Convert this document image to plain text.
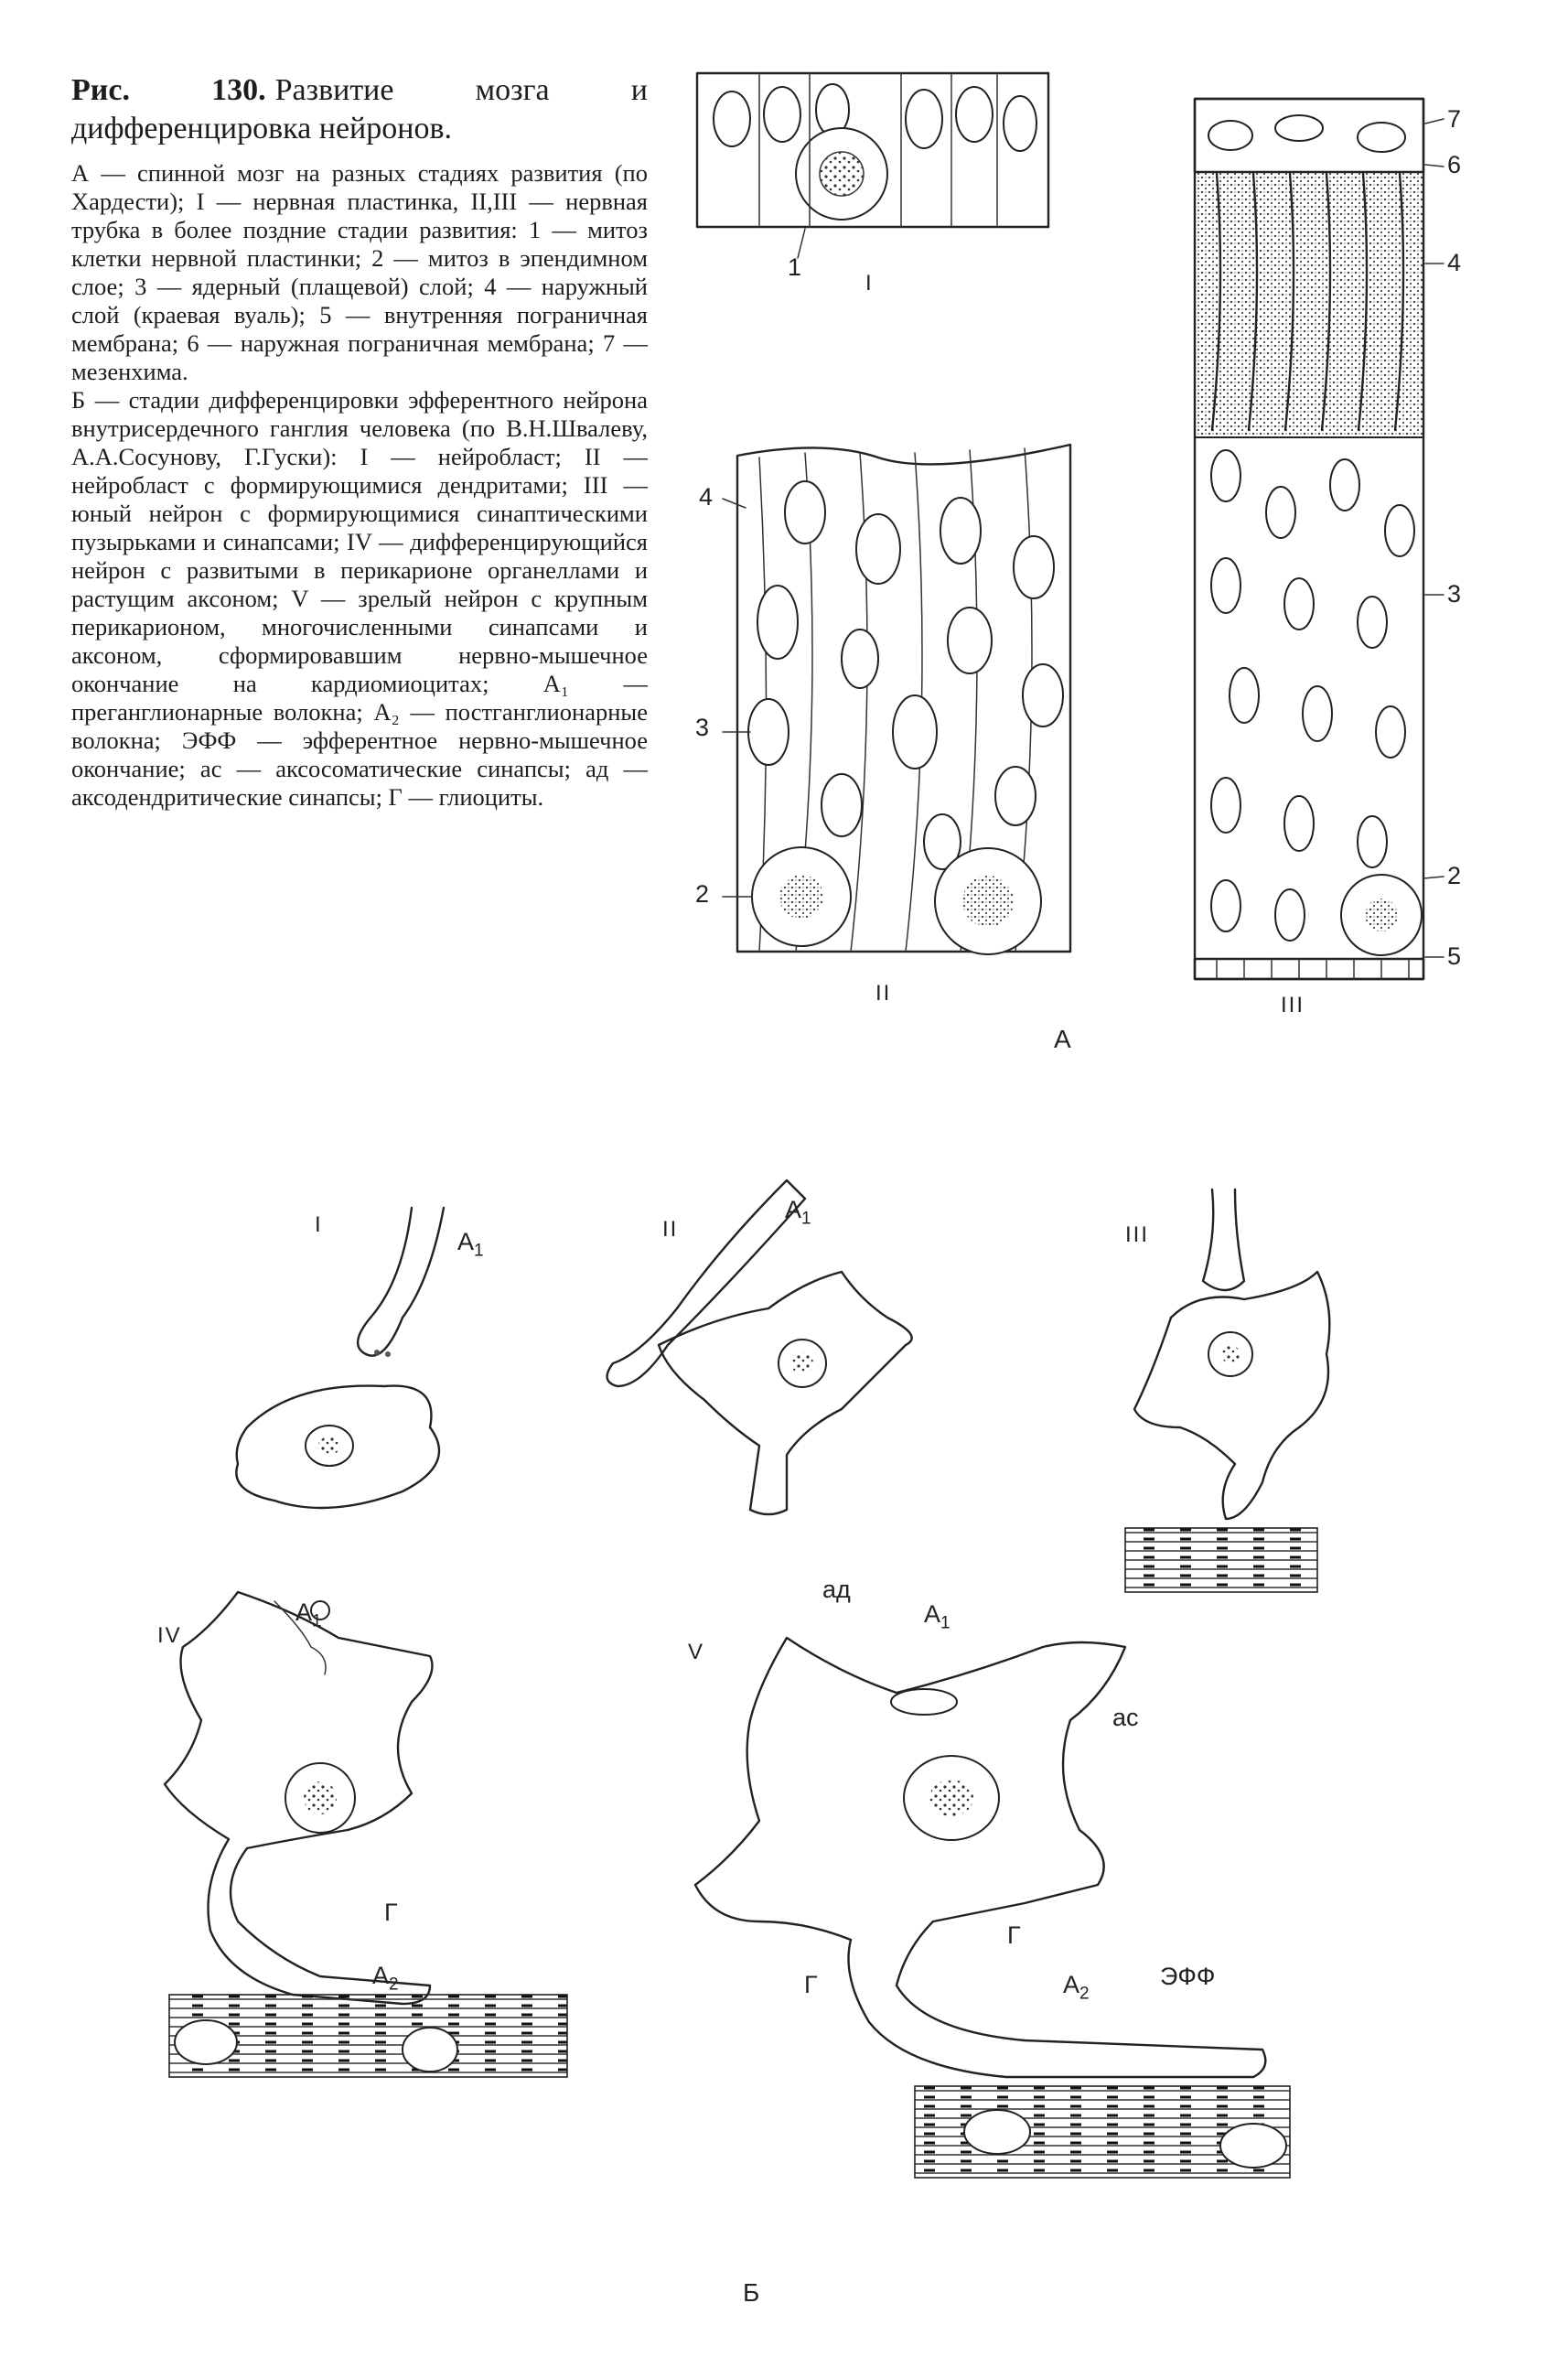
Рис. 130. Развитие мозга и дифференцировка нейронов.

А — спинной мозг на разных стадиях развития (по Хардести); I — нервная пластинка, II,III — нервная трубка в более поздние стадии развития: 1 — митоз клетки нервной пластинки; 2 — митоз в эпендимном слое; 3 — ядерный (плащевой) слой; 4 — наружный слой (краевая вуаль); 5 — внутренняя пограничная мембрана; 6 — наружная пограничная мембрана; 7 — мезенхима.

Б — стадии дифференцировки эфферентного нейрона внутрисердечного ганглия человека (по В.Н.Швалеву, А.А.Сосунову, Г.Гуски): I — нейробласт; II — нейробласт с формирующимися дендритами; III — юный нейрон с формирующимися синаптическими пузырьками и синапсами; IV — дифференцирующийся нейрон с развитыми в перикарионе органеллами и растущим аксоном; V — зрелый нейрон с крупным перикарионом, многочисленными синапсами и аксоном, сформировавшим нервно-мышечное окончание на кардиомиоцитах; А₁ — преганглионарные волокна; А₂ — постганглионарные волокна; ЭФФ — эфферентное нервно-мышечное окончание; ас — аксосоматические синапсы; ад — аксодендритические синапсы; Г — глиоциты.

1
I
4
3
2
II
7
6
4
3
2
5
III
А
I
$A_1$
II
$A_1$
III
IV
$A_1$
Г
$A_2$
V
ад
$A_1$
ас
Г
Г	$A_2$
ЭФФ
Б
